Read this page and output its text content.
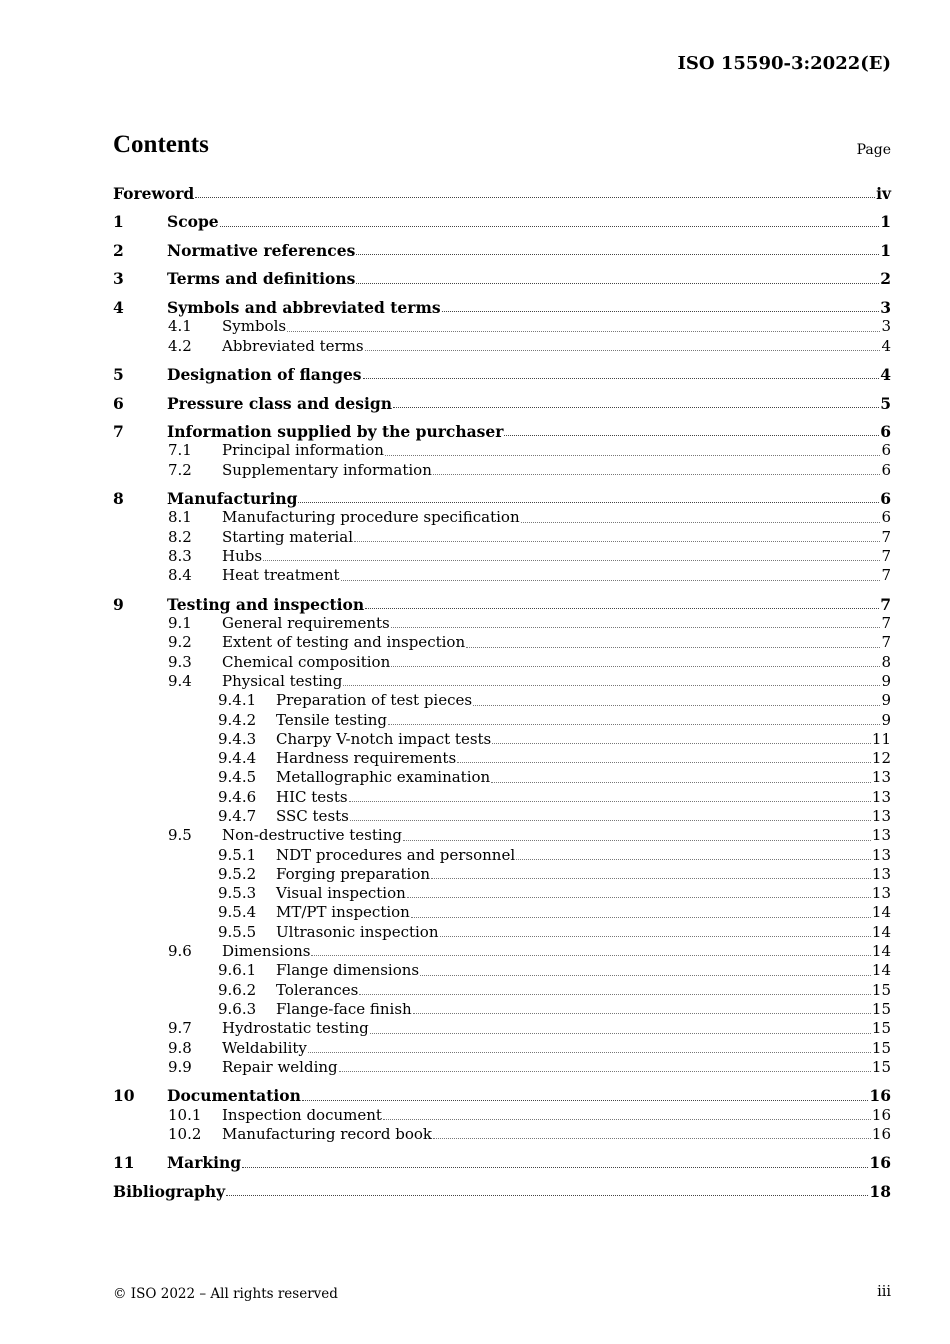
ISO 15590-3:2022(E)
Contents	Page
Foreword	iv
1	Scope	1
2	Normative references	1
3	Terms and definitions	2
4	Symbols and abbreviated terms	3
4.1 Symbols	3
4.2 Abbreviated terms	4
5	Designation of flanges	4
6	Pressure class and design	5
7	Information supplied by the purchaser	6
7.1 Principal information	6
7.2 Supplementary information	6
8	Manufacturing	6
8.1 Manufacturing procedure specification	6
8.2 Starting material	7
8.3 Hubs	7
8.4 Heat treatment	7
9	Testing and inspection	7
9.1 General requirements	7
9.2 Extent of testing and inspection	7
9.3 Chemical composition	8
9.4 Physical testing	9
9.4.1 Preparation of test pieces	9
9.4.2 Tensile testing	9
9.4.3 Charpy V-notch impact tests	11
9.4.4 Hardness requirements	12
9.4.5 Metallographic examination	13
9.4.6 HIC tests	13
9.4.7 SSC tests	13
9.5 Non-destructive testing	13
9.5.1 NDT procedures and personnel	13
9.5.2 Forging preparation	13
9.5.3 Visual inspection	13
9.5.4 MT/PT inspection	14
9.5.5 Ultrasonic inspection	14
9.6 Dimensions	14
9.6.1 Flange dimensions	14
9.6.2 Tolerances	15
9.6.3 Flange-face finish	15
9.7 Hydrostatic testing	15
9.8 Weldability	15
9.9 Repair welding	15
10 Documentation	16
10.1 Inspection document	16
10.2 Manufacturing record book	16
11 Marking	16
Bibliography	18
© ISO 2022 – All rights reserved	iii
